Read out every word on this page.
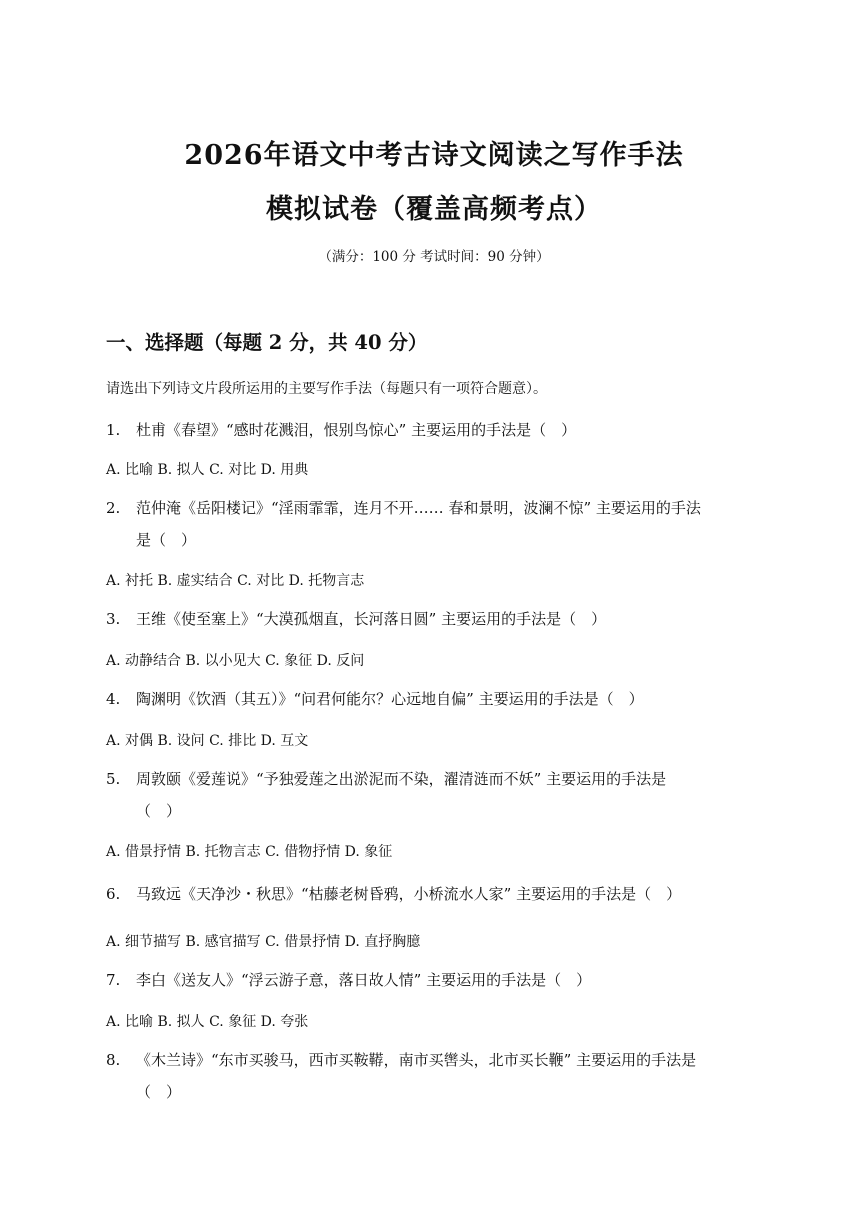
2026年语文中考古诗文阅读之写作手法
模拟试卷（覆盖高频考点）
（满分：100 分 考试时间：90 分钟）
一、选择题（每题 2 分，共 40 分）
请选出下列诗文片段所运用的主要写作手法（每题只有一项符合题意）。
1. 杜甫《春望》“感时花溅泪，恨别鸟惊心” 主要运用的手法是（　）
A. 比喻 B. 拟人 C. 对比 D. 用典
2. 范仲淹《岳阳楼记》“淫雨霏霏，连月不开…… 春和景明，波澜不惊” 主要运用的手法
是（　）
A. 衬托 B. 虚实结合 C. 对比 D. 托物言志
3. 王维《使至塞上》“大漠孤烟直，长河落日圆” 主要运用的手法是（　）
A. 动静结合 B. 以小见大 C. 象征 D. 反问
4. 陶渊明《饮酒（其五）》“问君何能尔？心远地自偏” 主要运用的手法是（　）
A. 对偶 B. 设问 C. 排比 D. 互文
5. 周敦颐《爱莲说》“予独爱莲之出淤泥而不染，濯清涟而不妖” 主要运用的手法是
（　）
A. 借景抒情 B. 托物言志 C. 借物抒情 D. 象征
6. 马致远《天净沙・秋思》“枯藤老树昏鸦，小桥流水人家” 主要运用的手法是（　）
A. 细节描写 B. 感官描写 C. 借景抒情 D. 直抒胸臆
7. 李白《送友人》“浮云游子意，落日故人情” 主要运用的手法是（　）
A. 比喻 B. 拟人 C. 象征 D. 夸张
8. 《木兰诗》“东市买骏马，西市买鞍鞯，南市买辔头，北市买长鞭” 主要运用的手法是
（　）
